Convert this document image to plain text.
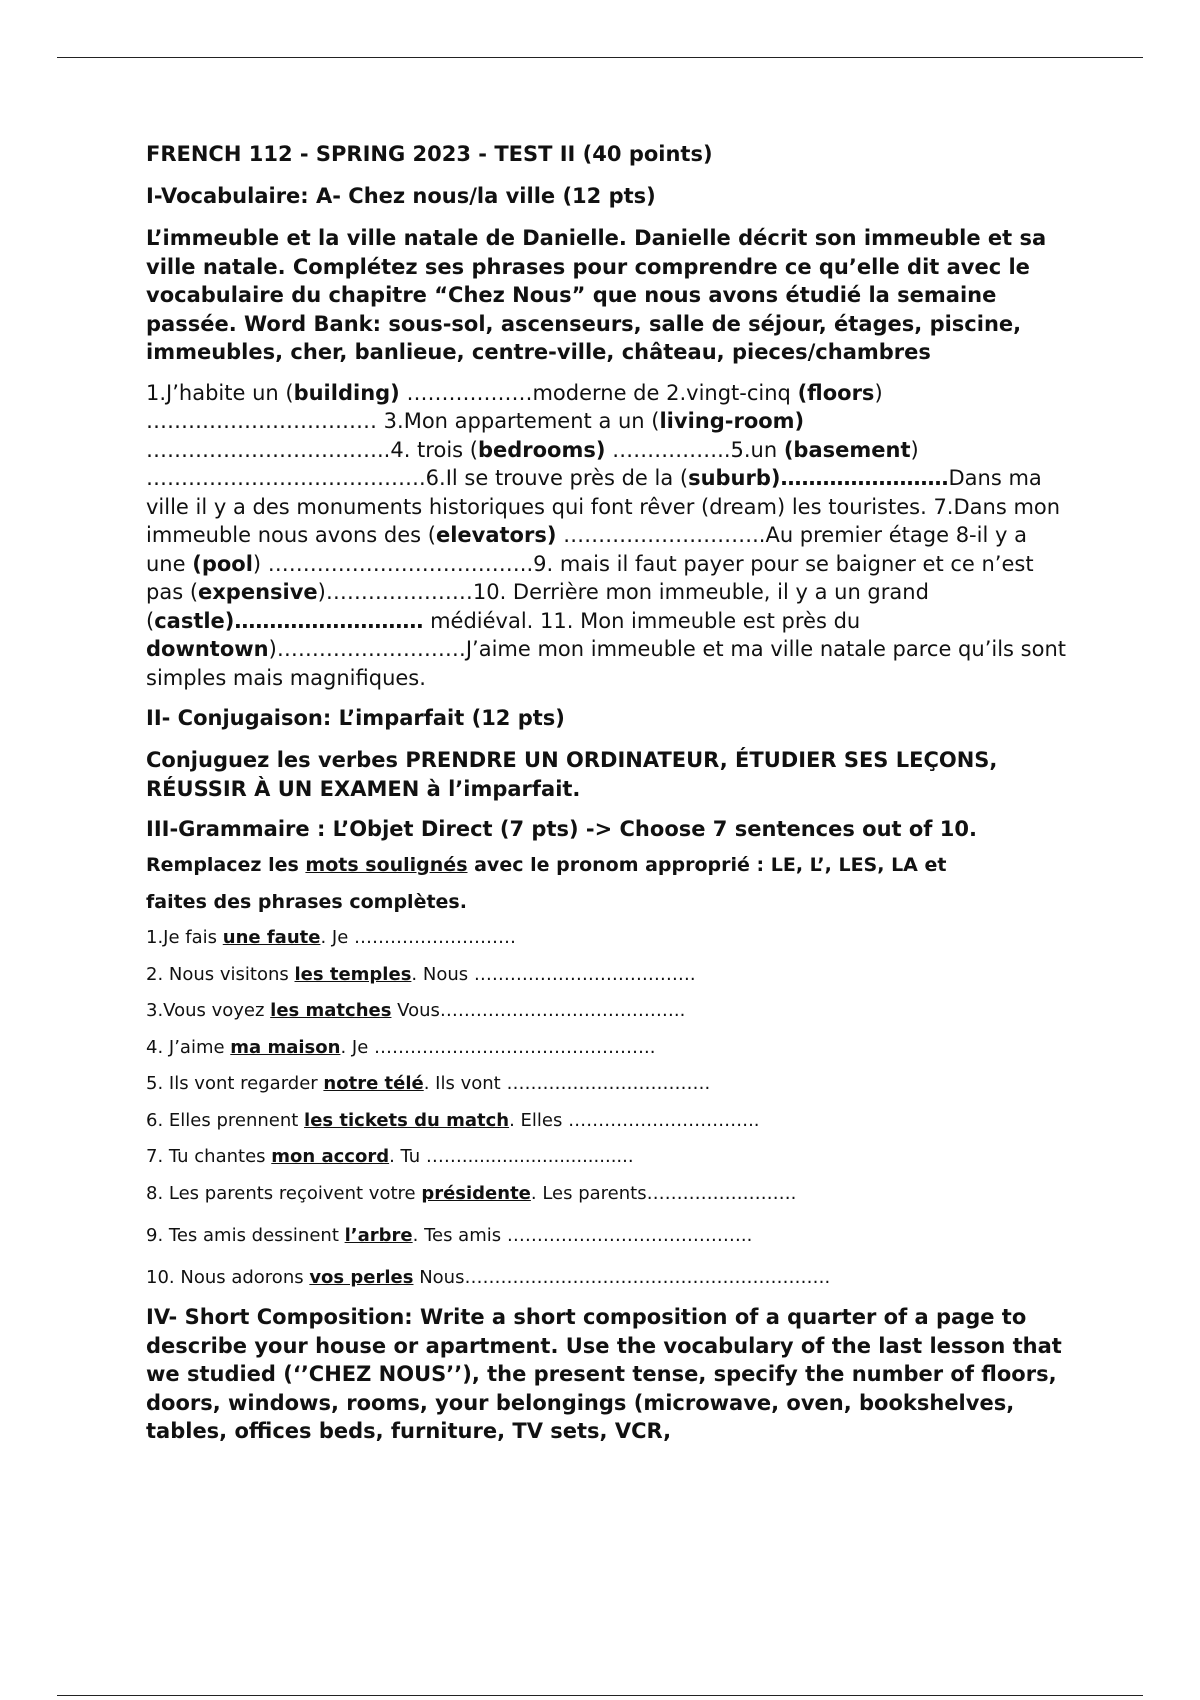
FRENCH 112 - SPRING 2023 - TEST II (40 points)

I-Vocabulaire: A- Chez nous/la ville (12 pts)

L’immeuble et la ville natale de Danielle. Danielle décrit son immeuble et sa ville natale. Complétez ses phrases pour comprendre ce qu’elle dit avec le vocabulaire du chapitre “Chez Nous” que nous avons étudié la semaine passée. Word Bank: sous-sol, ascenseurs, salle de séjour, étages, piscine, immeubles, cher, banlieue, centre-ville, château, pieces/chambres

1.J’habite un (building) ………………moderne de 2.vingt-cinq (floors) …………………………… 3.Mon appartement a un (living-room) ……………………………..4. trois (bedrooms) ……………..5.un (basement) ………………………………….6.Il se trouve près de la (suburb)……………………Dans ma ville il y a des monuments historiques qui font rêver (dream) les touristes. 7.Dans mon immeuble nous avons des (elevators) ………………………..Au premier étage 8-il y a une (pool) ………………………………..9. mais il faut payer pour se baigner et ce n’est pas (expensive)…………………10. Derrière mon immeuble, il y a un grand (castle)……………………… médiéval. 11. Mon immeuble est près du downtown)………………………J’aime mon immeuble et ma ville natale parce qu’ils sont simples mais magnifiques.

II- Conjugaison: L’imparfait (12 pts)

Conjuguez les verbes PRENDRE UN ORDINATEUR, ÉTUDIER SES LEÇONS, RÉUSSIR À UN EXAMEN à l’imparfait.

III-Grammaire : L’Objet Direct (7 pts) -> Choose 7 sentences out of 10.

Remplacez les mots soulignés avec le pronom approprié : LE, L’, LES, LA et
faites des phrases complètes.

1.Je fais une faute. Je ………………………

2. Nous visitons les temples. Nous ……………………………….

3.Vous voyez les matches Vous…………………………………..

4. J’aime ma maison. Je ………………………………………..

5. Ils vont regarder notre télé. Ils vont …………………………….

6. Elles prennent les tickets du match. Elles …………………………..

7. Tu chantes mon accord. Tu ……..............................

8. Les parents reçoivent votre présidente. Les parents…………………….

9. Tes amis dessinent l’arbre. Tes amis …………………………………..

10. Nous adorons vos perles Nous…………………………………………………….

IV- Short Composition: Write a short composition of a quarter of a page to describe your house or apartment. Use the vocabulary of the last lesson that we studied (‘’CHEZ NOUS’’), the present tense, specify the number of floors, doors, windows, rooms, your belongings (microwave, oven, bookshelves, tables, offices beds, furniture, TV sets, VCR,
